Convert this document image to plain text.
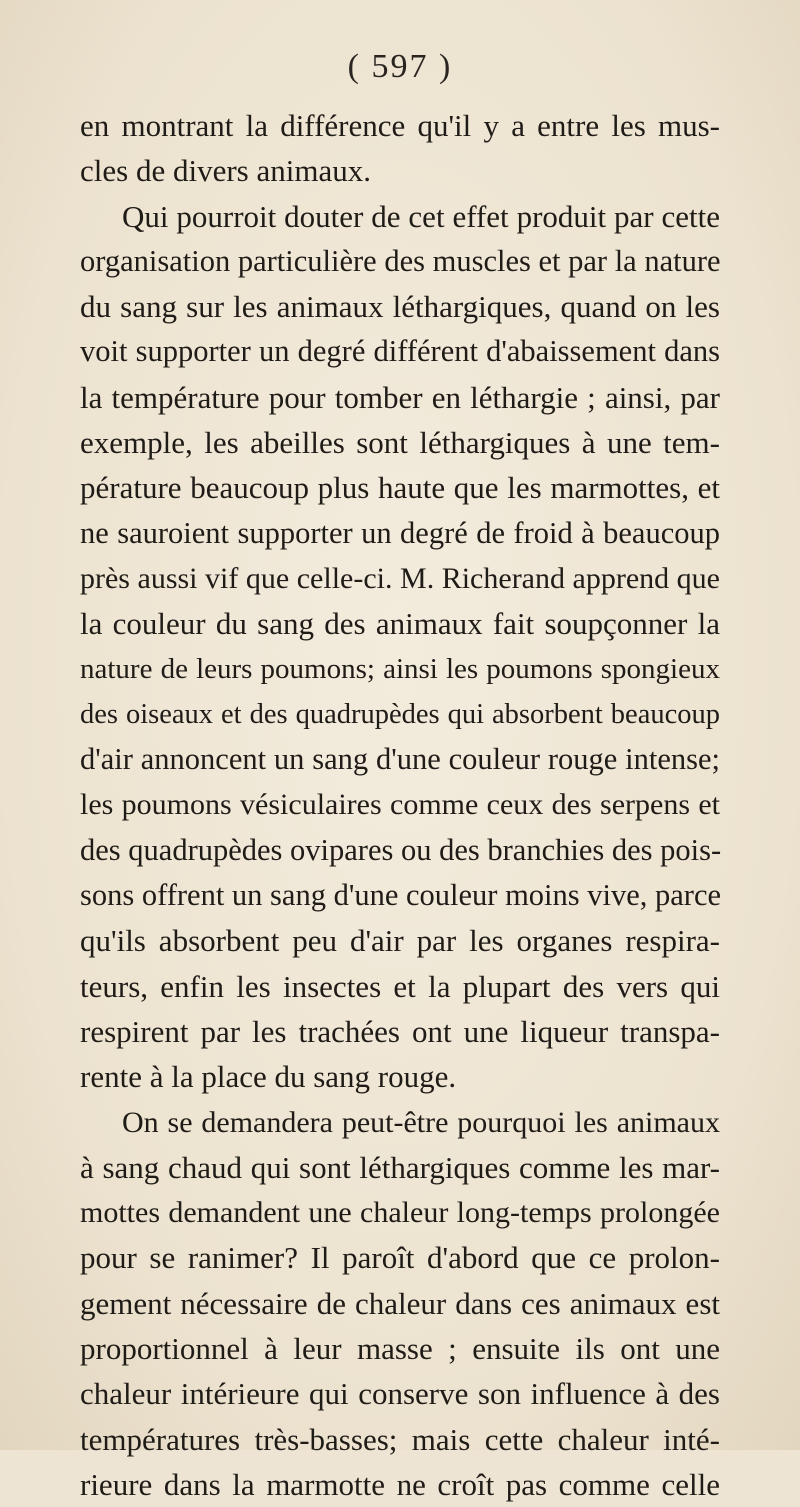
( 597 )
en montrant la différence qu'il y a entre les mus-
cles de divers animaux.
Qui pourroit douter de cet effet produit par cette
organisation particulière des muscles et par la nature
du sang sur les animaux léthargiques, quand on les
voit supporter un degré différent d'abaissement dans
la température pour tomber en léthargie ; ainsi, par
exemple, les abeilles sont léthargiques à une tem-
pérature beaucoup plus haute que les marmottes, et
ne sauroient supporter un degré de froid à beaucoup
près aussi vif que celle-ci. M. Richerand apprend que
la couleur du sang des animaux fait soupçonner la
nature de leurs poumons; ainsi les poumons spongieux
des oiseaux et des quadrupèdes qui absorbent beaucoup
d'air annoncent un sang d'une couleur rouge intense;
les poumons vésiculaires comme ceux des serpens et
des quadrupèdes ovipares ou des branchies des pois-
sons offrent un sang d'une couleur moins vive, parce
qu'ils absorbent peu d'air par les organes respira-
teurs, enfin les insectes et la plupart des vers qui
respirent par les trachées ont une liqueur transpa-
rente à la place du sang rouge.
On se demandera peut-être pourquoi les animaux
à sang chaud qui sont léthargiques comme les mar-
mottes demandent une chaleur long-temps prolongée
pour se ranimer? Il paroît d'abord que ce prolon-
gement nécessaire de chaleur dans ces animaux est
proportionnel à leur masse ; ensuite ils ont une
chaleur intérieure qui conserve son influence à des
températures très-basses; mais cette chaleur inté-
rieure dans la marmotte ne croît pas comme celle
